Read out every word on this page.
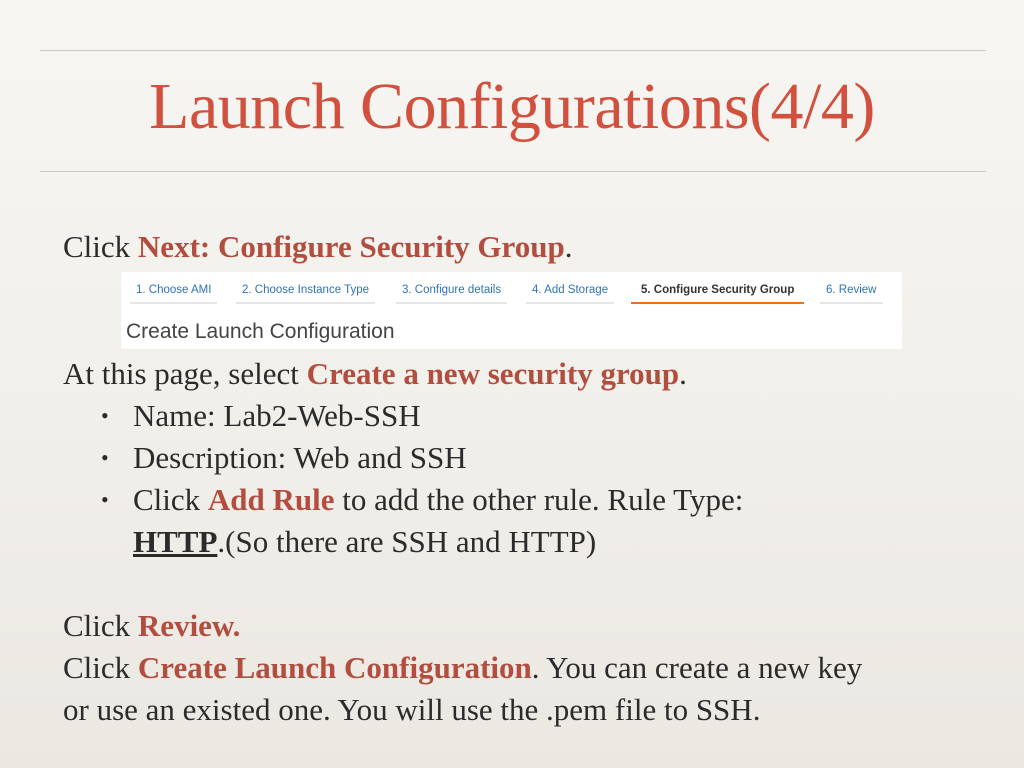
Launch Configurations(4/4)

Click Next: Configure Security Group.

At this page, select Create a new security group.

• Name: Lab2-Web-SSH
• Description: Web and SSH
• Click Add Rule to add the other rule. Rule Type:
HTTP.(So there are SSH and HTTP)

Click Review.

Click Create Launch Configuration. You can create a new key

or use an existed one. You will use the .pem file to SSH.

1. Choose AMI	2. Choose Instance Type	3. Configure details	4. Add Storage	5. Configure Security Group	6. Review
Create Launch Configuration
